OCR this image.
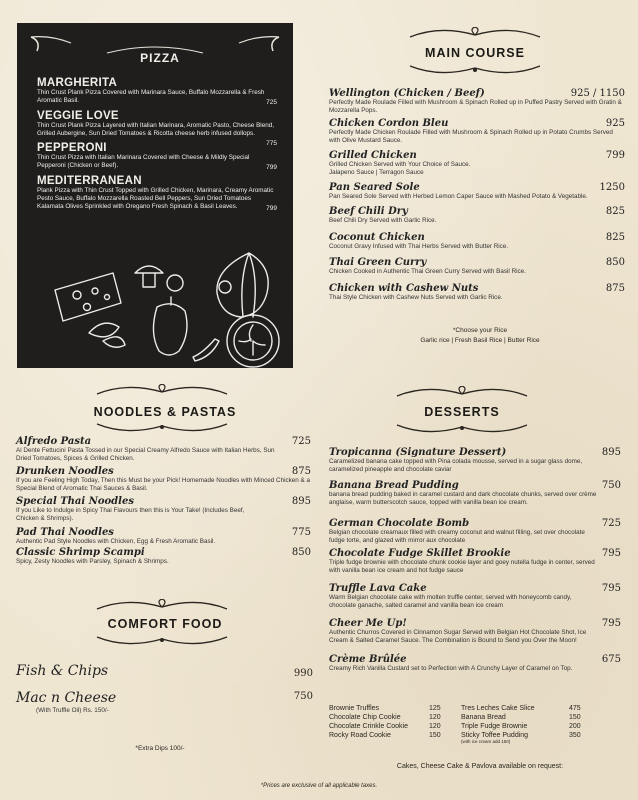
PIZZA
MARGHERITA
Thin Crust Plank Pizza Covered with Marinara Sauce, Buffalo Mozzarella & Fresh Aromatic Basil.	725
VEGGIE LOVE
Thin Crust Plank Pizza Layered with Italian Marinara, Aromatic Pasto, Cheese Blend, Grilled Aubergine, Sun Dried Tomatoes & Ricotta cheese herb infused dollops.
775
PEPPERONI
Thin Crust Pizza with Italian Marinara Covered with Cheese & Mildly Special Pepperoni (Chicken or Beef).	799
MEDITERRANEAN
Plank Pizza with Thin Crust Topped with Grilled Chicken, Marinara, Creamy Aromatic Pesto Sauce, Buffalo Mozzarella Roasted Bell Peppers, Sun Dried Tomatoes Kalamata Olives Sprinkled with Oregano Fresh Spinach & Basil Leaves.	799
MAIN COURSE
Wellington (Chicken / Beef)	925 / 1150
Perfectly Made Roulade Filled with Mushroom & Spinach Rolled up in Puffed Pastry Served with Gratin & Mozzarella Pops.
Chicken Cordon Bleu	925
Perfectly Made Chicken Roulade Filled with Mushroom & Spinach Rolled up in Potato Crumbs Served with Olive Mustard Sauce.
Grilled Chicken	799
Grilled Chicken Served with Your Choice of Sauce. Jalapeno Sauce | Terragon Sauce
Pan Seared Sole	1250
Pan Seared Sole Served with Herbed Lemon Caper Sauce with Mashed Potato & Vegetable.
Beef Chili Dry	825
Beef Chili Dry Served with Garlic Rice.
Coconut Chicken	825
Coconut Gravy Infused with Thai Herbs Served with Butter Rice.
Thai Green Curry	850
Chicken Cooked in Authentic Thai Green Curry Served with Basil Rice.
Chicken with Cashew Nuts	875
Thai Style Chicken with Cashew Nuts Served with Garlic Rice.
*Choose your Rice
Garlic rice | Fresh Basil Rice | Butter Rice
NOODLES & PASTAS
Alfredo Pasta	725
Al Dente Fettucini Pasta Tossed in our Special Creamy Alfredo Sauce with Italian Herbs, Sun Dried Tomatoes, Spices & Grilled Chicken.
Drunken Noodles	875
If you are Feeling High Today, Then this Must be your Pick! Homemade Noodles with Minced Chicken & a Special Blend of Aromatic Thai Sauces & Basil.
Special Thai Noodles	895
If you Like to Indulge in Spicy Thai Flavours then this is Your Take! (Includes Beef, Chicken & Shrimps).
Pad Thai Noodles	775
Authentic Pad Style Noodles with Chicken, Egg & Fresh Aromatic Basil.
Classic Shrimp Scampi	850
Spicy, Zesty Noodles with Parsley, Spinach & Shrimps.
COMFORT FOOD
Fish & Chips	990
Mac n Cheese	750
(With Truffle Oil) Rs. 150/-
*Extra Dips 100/-
DESSERTS
Tropicanna (Signature Dessert)	895
Caramelized banana cake topped with Pina colada mousse, served in a sugar glass dome, caramelized pineapple and chocolate caviar
Banana Bread Pudding	750
banana bread pudding baked in caramel custard and dark chocolate chunks, served over crème anglaise, warm butterscotch sauce, topped with vanilla bean ice cream.
German Chocolate Bomb	725
Belgian chocolate creamaux filled with creamy coconut and walnut filling, set over chocolate fudge torte, and glazed with mirror aux chocolate
Chocolate Fudge Skillet Brookie	795
Triple fudge brownie with chocolate chunk cookie layer and goey nutella fudge in center, served with vanilla bean ice cream and hot fudge sauce
Truffle Lava Cake	795
Warm Belgian chocolate cake with molten truffle center, served with honeycomb candy, chocolate ganache, salted caramel and vanilla bean ice cream
Cheer Me Up!	795
Authentic Churros Covered in Cinnamon Sugar Served with Belgian Hot Chocolate Shot, Ice Cream & Salted Caramel Sauce. The Combination is Bound to Send you Over the Moon!
Crème Brûlée	675
Creamy Rich Vanilla Custard set to Perfection with A Crunchy Layer of Caramel on Top.
Brownie Truffles	125
Chocolate Chip Cookie	120
Chocolate Crinkle Cookie	120
Rocky Road Cookie	150
Tres Leches Cake Slice	475
Banana Bread	150
Triple Fudge Brownie	200
Sticky Toffee Pudding
(with ice cream add 150)	350
Cakes, Cheese Cake & Pavlova available on request:
*Prices are exclusive of all applicable taxes.
